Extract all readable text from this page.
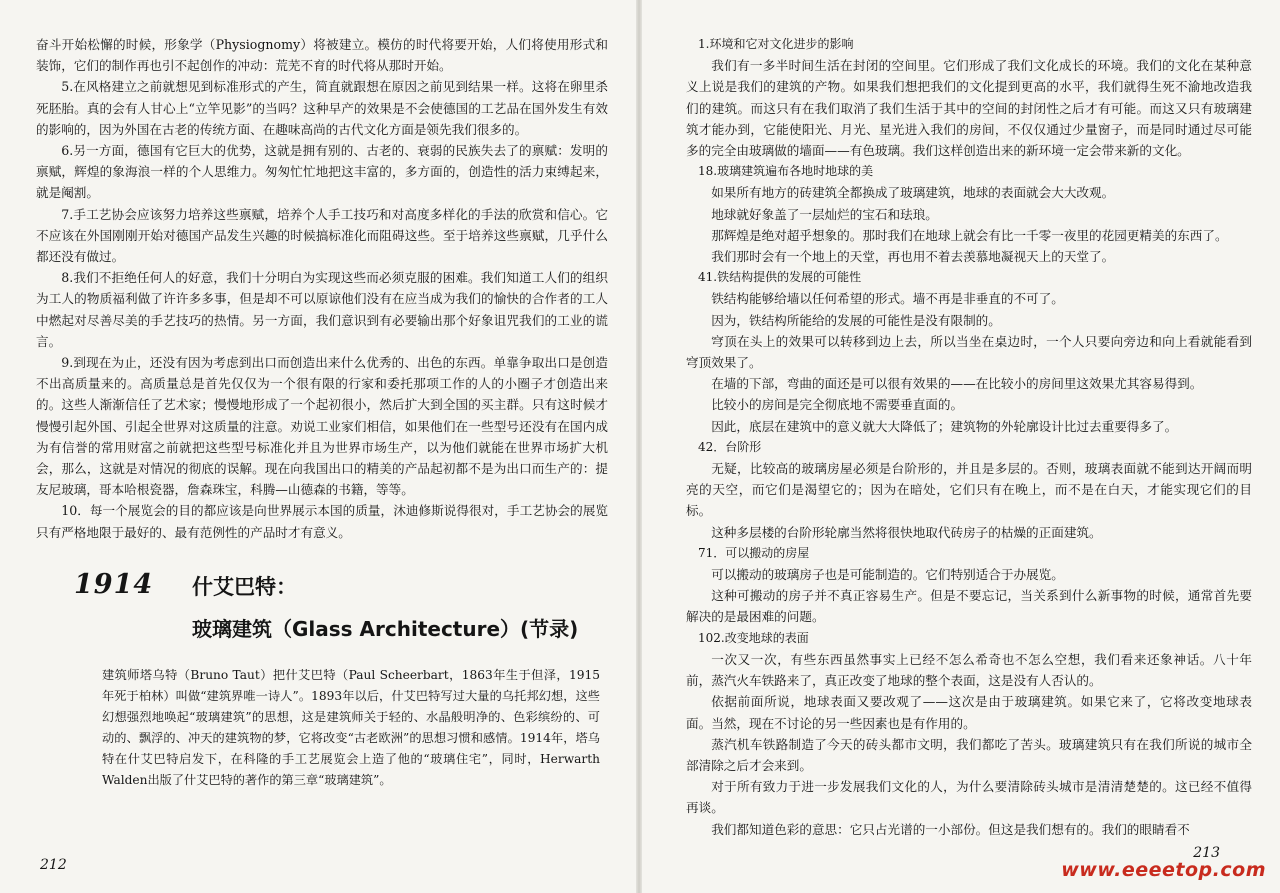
奋斗开始松懈的时候，形象学（Physiognomy）将被建立。模仿的时代将要开始，人们将使用形式和装饰，它们的制作再也引不起创作的冲动：荒芜不育的时代将从那时开始。

5.在风格建立之前就想见到标准形式的产生，简直就跟想在原因之前见到结果一样。这将在卵里杀死胚胎。真的会有人甘心上“立竿见影”的当吗？这种早产的效果是不会使德国的工艺品在国外发生有效的影响的，因为外国在古老的传统方面、在趣味高尚的古代文化方面是领先我们很多的。

6.另一方面，德国有它巨大的优势，这就是拥有别的、古老的、衰弱的民族失去了的禀赋：发明的禀赋，辉煌的象海浪一样的个人思维力。匆匆忙忙地把这丰富的，多方面的，创造性的活力束缚起来，就是阉割。

7.手工艺协会应该努力培养这些禀赋，培养个人手工技巧和对高度多样化的手法的欣赏和信心。它不应该在外国刚刚开始对德国产品发生兴趣的时候搞标准化而阻碍这些。至于培养这些禀赋，几乎什么都还没有做过。

8.我们不拒绝任何人的好意，我们十分明白为实现这些而必须克服的困难。我们知道工人们的组织为工人的物质福利做了许许多多事，但是却不可以原谅他们没有在应当成为我们的愉快的合作者的工人中燃起对尽善尽美的手艺技巧的热情。另一方面，我们意识到有必要输出那个好象诅咒我们的工业的谎言。

9.到现在为止，还没有因为考虑到出口而创造出来什么优秀的、出色的东西。单靠争取出口是创造不出高质量来的。高质量总是首先仅仅为一个很有限的行家和委托那项工作的人的小圈子才创造出来的。这些人渐渐信任了艺术家；慢慢地形成了一个起初很小，然后扩大到全国的买主群。只有这时候才慢慢引起外国、引起全世界对这质量的注意。劝说工业家们相信，如果他们在一些型号还没有在国内成为有信誉的常用财富之前就把这些型号标准化并且为世界市场生产，以为他们就能在世界市场扩大机会，那么，这就是对情况的彻底的误解。现在向我国出口的精美的产品起初都不是为出口而生产的：提友尼玻璃，哥本哈根瓷器，詹森珠宝，科腾—山德森的书籍，等等。

10．每一个展览会的目的都应该是向世界展示本国的质量，沐迪修斯说得很对，手工艺协会的展览只有严格地限于最好的、最有范例性的产品时才有意义。

1914 什艾巴特：
玻璃建筑（Glass Architecture）(节录)

建筑师塔乌特（Bruno Taut）把什艾巴特（Paul Scheerbart，1863年生于但泽，1915年死于柏林）叫做“建筑界唯一诗人”。1893年以后，什艾巴特写过大量的乌托邦幻想，这些幻想强烈地唤起“玻璃建筑”的思想，这是建筑师关于轻的、水晶般明净的、色彩缤纷的、可动的、飘浮的、冲天的建筑物的梦，它将改变“古老欧洲”的思想习惯和感情。1914年，塔乌特在什艾巴特启发下，在科隆的手工艺展览会上造了他的“玻璃住宅”，同时，Herwarth Walden出版了什艾巴特的著作的第三章“玻璃建筑”。

212

1.环境和它对文化进步的影响

我们有一多半时间生活在封闭的空间里。它们形成了我们文化成长的环境。我们的文化在某种意义上说是我们的建筑的产物。如果我们想把我们的文化提到更高的水平，我们就得生死不渝地改造我们的建筑。而这只有在我们取消了我们生活于其中的空间的封闭性之后才有可能。而这又只有玻璃建筑才能办到，它能使阳光、月光、星光进入我们的房间，不仅仅通过少量窗子，而是同时通过尽可能多的完全由玻璃做的墙面——有色玻璃。我们这样创造出来的新环境一定会带来新的文化。

18.玻璃建筑遍布各地时地球的美

如果所有地方的砖建筑全都换成了玻璃建筑，地球的表面就会大大改观。

地球就好象盖了一层灿烂的宝石和珐琅。

那辉煌是绝对超乎想象的。那时我们在地球上就会有比一千零一夜里的花园更精美的东西了。

我们那时会有一个地上的天堂，再也用不着去羡慕地凝视天上的天堂了。

41.铁结构提供的发展的可能性

铁结构能够给墙以任何希望的形式。墙不再是非垂直的不可了。

因为，铁结构所能给的发展的可能性是没有限制的。

穹顶在头上的效果可以转移到边上去，所以当坐在桌边时，一个人只要向旁边和向上看就能看到穹顶效果了。

在墙的下部，弯曲的面还是可以很有效果的——在比较小的房间里这效果尤其容易得到。

比较小的房间是完全彻底地不需要垂直面的。

因此，底层在建筑中的意义就大大降低了；建筑物的外轮廓设计比过去重要得多了。

42．台阶形

无疑，比较高的玻璃房屋必须是台阶形的，并且是多层的。否则，玻璃表面就不能到达开阔而明亮的天空，而它们是渴望它的；因为在暗处，它们只有在晚上，而不是在白天，才能实现它们的目标。

这种多层楼的台阶形轮廓当然将很快地取代砖房子的枯燥的正面建筑。

71．可以搬动的房屋

可以搬动的玻璃房子也是可能制造的。它们特别适合于办展览。

这种可搬动的房子并不真正容易生产。但是不要忘记，当关系到什么新事物的时候，通常首先要解决的是最困难的问题。

102.改变地球的表面

一次又一次，有些东西虽然事实上已经不怎么希奇也不怎么空想，我们看来还象神话。八十年前，蒸汽火车铁路来了，真正改变了地球的整个表面，这是没有人否认的。

依据前面所说，地球表面又要改观了——这次是由于玻璃建筑。如果它来了，它将改变地球表面。当然，现在不讨论的另一些因素也是有作用的。

蒸汽机车铁路制造了今天的砖头都市文明，我们都吃了苦头。玻璃建筑只有在我们所说的城市全部清除之后才会来到。

对于所有致力于进一步发展我们文化的人，为什么要清除砖头城市是清清楚楚的。这已经不值得再谈。

我们都知道色彩的意思：它只占光谱的一小部份。但这是我们想有的。我们的眼睛看不

213
www.eeeetop.com
